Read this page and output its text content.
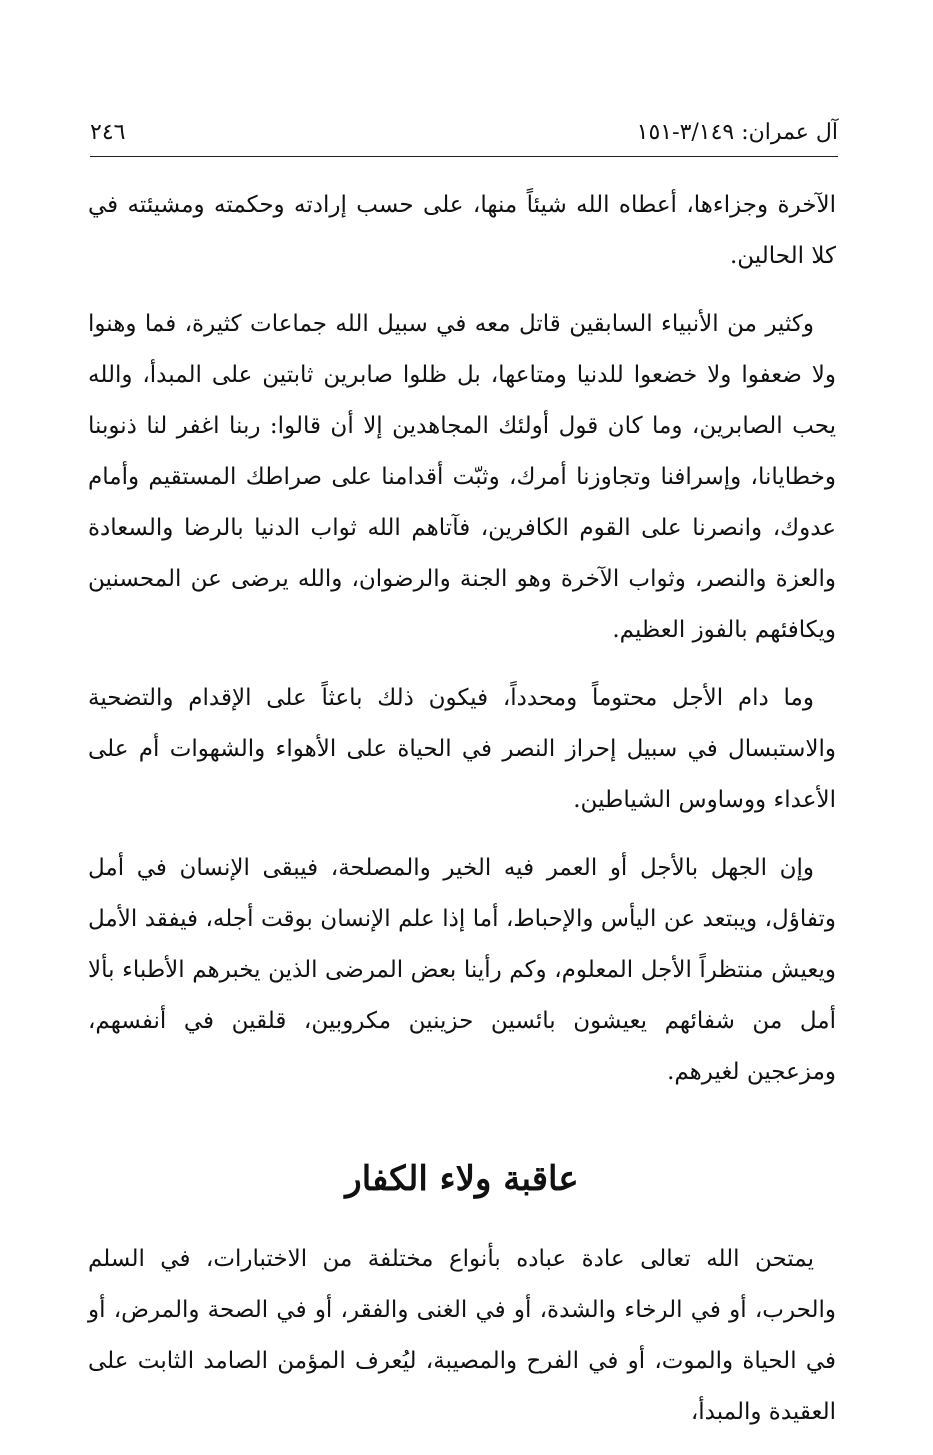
آل عمران: ٣/١٤٩-١٥١
٢٤٦

الآخرة وجزاءها، أعطاه الله شيئاً منها، على حسب إرادته وحكمته ومشيئته في كلا الحالين.

وكثير من الأنبياء السابقين قاتل معه في سبيل الله جماعات كثيرة، فما وهنوا ولا ضعفوا ولا خضعوا للدنيا ومتاعها، بل ظلوا صابرين ثابتين على المبدأ، والله يحب الصابرين، وما كان قول أولئك المجاهدين إلا أن قالوا: ربنا اغفر لنا ذنوبنا وخطايانا، وإسرافنا وتجاوزنا أمرك، وثبّت أقدامنا على صراطك المستقيم وأمام عدوك، وانصرنا على القوم الكافرين، فآتاهم الله ثواب الدنيا بالرضا والسعادة والعزة والنصر، وثواب الآخرة وهو الجنة والرضوان، والله يرضى عن المحسنين ويكافئهم بالفوز العظيم.

وما دام الأجل محتوماً ومحدداً، فيكون ذلك باعثاً على الإقدام والتضحية والاستبسال في سبيل إحراز النصر في الحياة على الأهواء والشهوات أم على الأعداء ووساوس الشياطين.

وإن الجهل بالأجل أو العمر فيه الخير والمصلحة، فيبقى الإنسان في أمل وتفاؤل، ويبتعد عن اليأس والإحباط، أما إذا علم الإنسان بوقت أجله، فيفقد الأمل ويعيش منتظراً الأجل المعلوم، وكم رأينا بعض المرضى الذين يخبرهم الأطباء بألا أمل من شفائهم يعيشون بائسين حزينين مكروبين، قلقين في أنفسهم، ومزعجين لغيرهم.

عاقبة ولاء الكفار

يمتحن الله تعالى عادة عباده بأنواع مختلفة من الاختبارات، في السلم والحرب، أو في الرخاء والشدة، أو في الغنى والفقر، أو في الصحة والمرض، أو في الحياة والموت، أو في الفرح والمصيبة، ليُعرف المؤمن الصامد الثابت على العقيدة والمبدأ،
